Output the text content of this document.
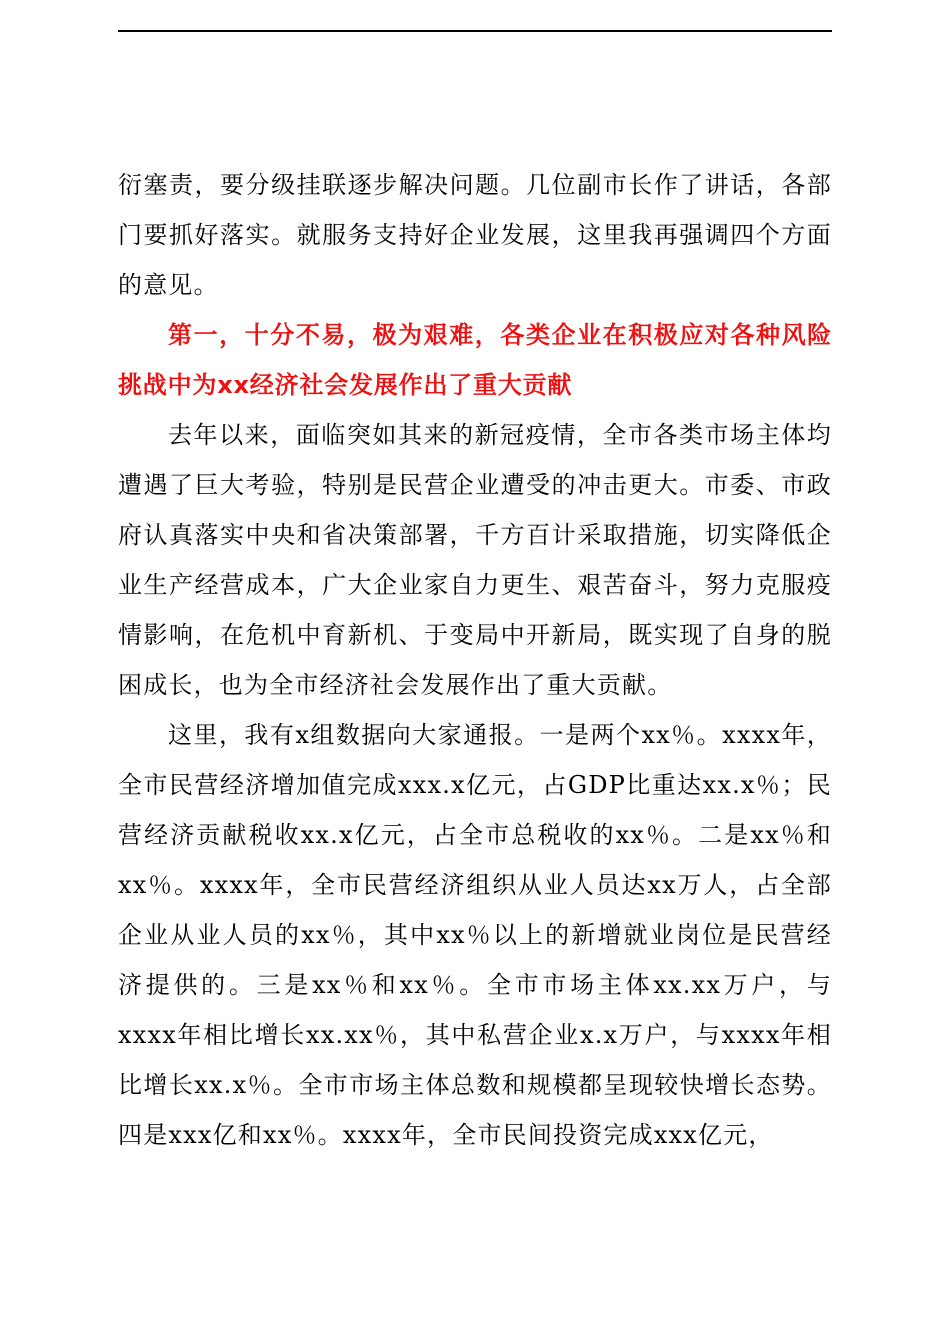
衍塞责，要分级挂联逐步解决问题。几位副市长作了讲话，各部门要抓好落实。就服务支持好企业发展，这里我再强调四个方面的意见。

第一，十分不易，极为艰难，各类企业在积极应对各种风险挑战中为xx经济社会发展作出了重大贡献

去年以来，面临突如其来的新冠疫情，全市各类市场主体均遭遇了巨大考验，特别是民营企业遭受的冲击更大。市委、市政府认真落实中央和省决策部署，千方百计采取措施，切实降低企业生产经营成本，广大企业家自力更生、艰苦奋斗，努力克服疫情影响，在危机中育新机、于变局中开新局，既实现了自身的脱困成长，也为全市经济社会发展作出了重大贡献。

这里，我有x组数据向大家通报。一是两个xx％。xxxx年，全市民营经济增加值完成xxx.x亿元，占GDP比重达xx.x％；民营经济贡献税收xx.x亿元，占全市总税收的xx％。二是xx％和xx％。xxxx年，全市民营经济组织从业人员达xx万人，占全部企业从业人员的xx％，其中xx％以上的新增就业岗位是民营经济提供的。三是xx％和xx％。全市市场主体xx.xx万户，与xxxx年相比增长xx.xx％，其中私营企业x.x万户，与xxxx年相比增长xx.x％。全市市场主体总数和规模都呈现较快增长态势。四是xxx亿和xx％。xxxx年，全市民间投资完成xxx亿元，
